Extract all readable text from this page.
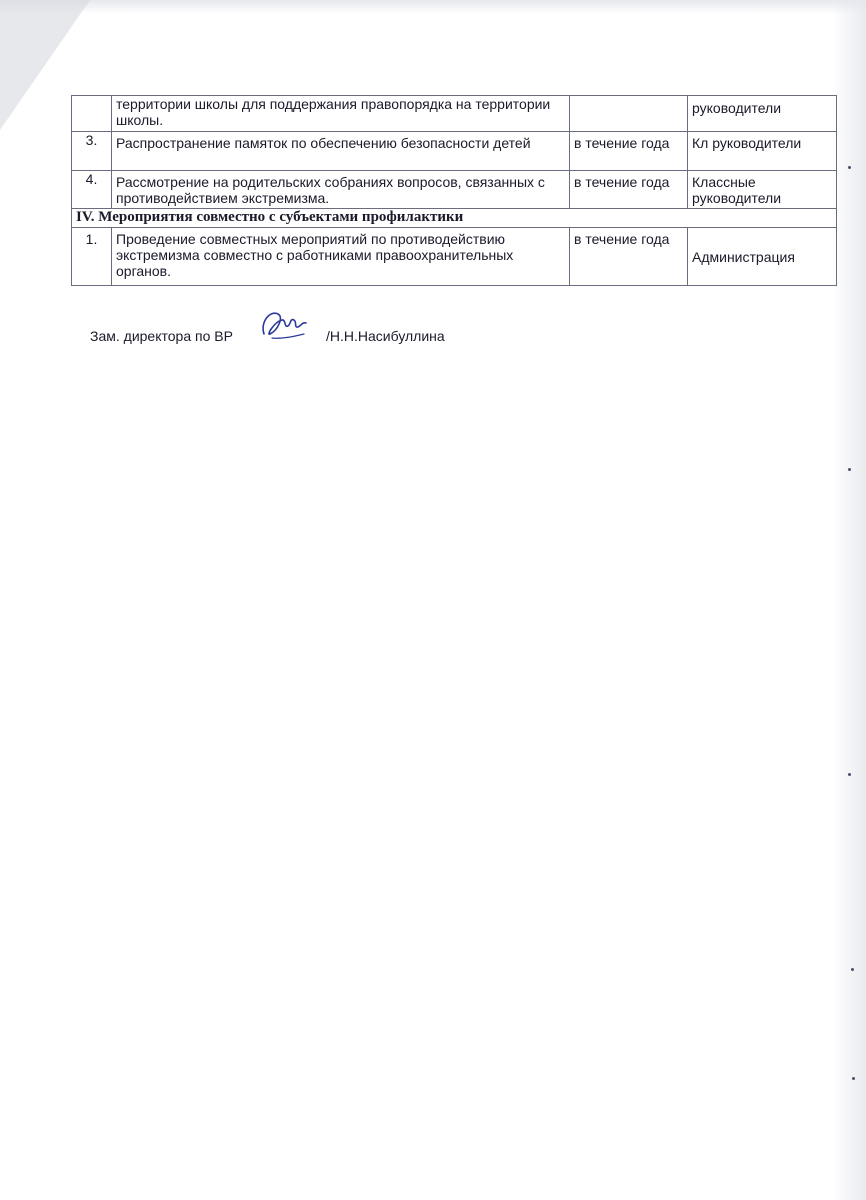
	территории школы для поддержания правопорядка на территории школы.		руководители
3.	Распространение памяток по обеспечению безопасности детей	в течение года	Кл руководители
4.	Рассмотрение на родительских собраниях вопросов, связанных с противодействием экстремизма.	в течение года	Классные руководители
IV. Мероприятия совместно с субъектами профилактики			
1.	Проведение совместных мероприятий по противодействию экстремизма совместно с работниками правоохранительных органов.	в течение года	Администрация
Зам. директора по ВР	/Н.Н.Насибуллина
